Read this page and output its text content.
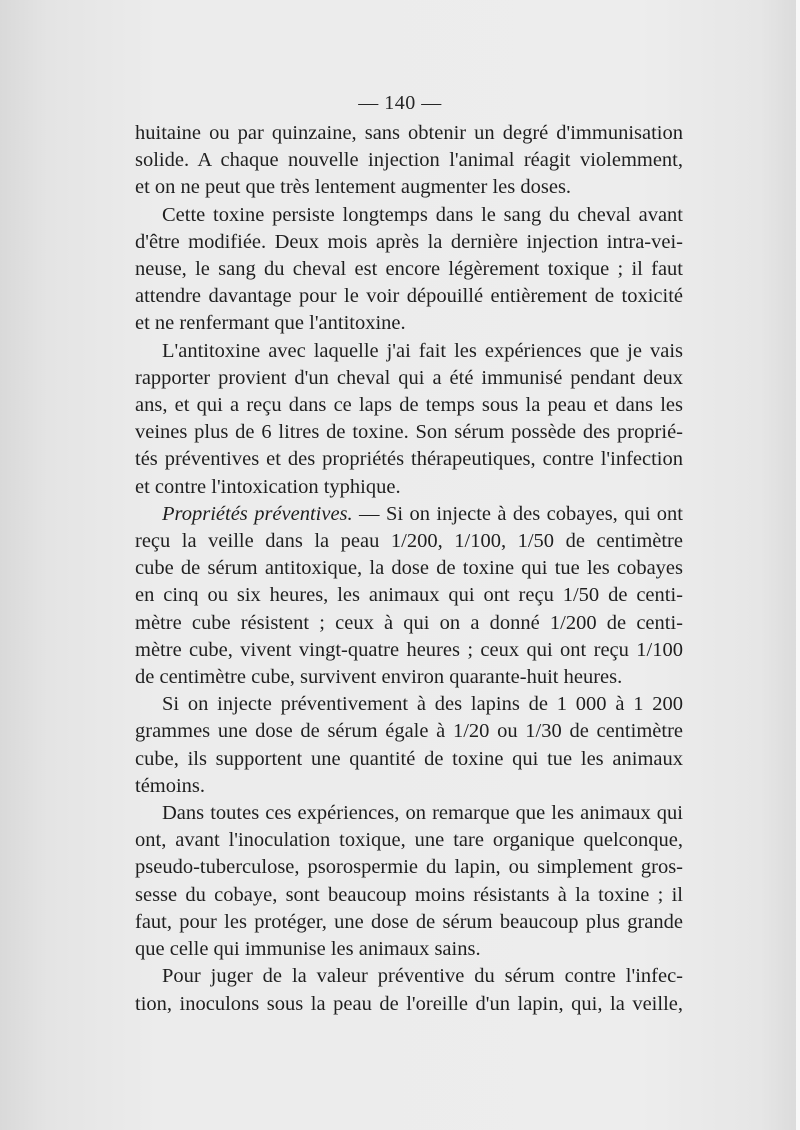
— 140 —
huitaine ou par quinzaine, sans obtenir un degré d'immunisation
solide. A chaque nouvelle injection l'animal réagit violemment,
et on ne peut que très lentement augmenter les doses.
Cette toxine persiste longtemps dans le sang du cheval avant
d'être modifiée. Deux mois après la dernière injection intra-vei-
neuse, le sang du cheval est encore légèrement toxique ; il faut
attendre davantage pour le voir dépouillé entièrement de toxicité
et ne renfermant que l'antitoxine.
L'antitoxine avec laquelle j'ai fait les expériences que je vais
rapporter provient d'un cheval qui a été immunisé pendant deux
ans, et qui a reçu dans ce laps de temps sous la peau et dans les
veines plus de 6 litres de toxine. Son sérum possède des proprié-
tés préventives et des propriétés thérapeutiques, contre l'infection
et contre l'intoxication typhique.
Propriétés préventives. — Si on injecte à des cobayes, qui ont
reçu la veille dans la peau 1/200, 1/100, 1/50 de centimètre
cube de sérum antitoxique, la dose de toxine qui tue les cobayes
en cinq ou six heures, les animaux qui ont reçu 1/50 de centi-
mètre cube résistent ; ceux à qui on a donné 1/200 de centi-
mètre cube, vivent vingt-quatre heures ; ceux qui ont reçu 1/100
de centimètre cube, survivent environ quarante-huit heures.
Si on injecte préventivement à des lapins de 1 000 à 1 200
grammes une dose de sérum égale à 1/20 ou 1/30 de centimètre
cube, ils supportent une quantité de toxine qui tue les animaux
témoins.
Dans toutes ces expériences, on remarque que les animaux qui
ont, avant l'inoculation toxique, une tare organique quelconque,
pseudo-tuberculose, psorospermie du lapin, ou simplement gros-
sesse du cobaye, sont beaucoup moins résistants à la toxine ; il
faut, pour les protéger, une dose de sérum beaucoup plus grande
que celle qui immunise les animaux sains.
Pour juger de la valeur préventive du sérum contre l'infec-
tion, inoculons sous la peau de l'oreille d'un lapin, qui, la veille,
